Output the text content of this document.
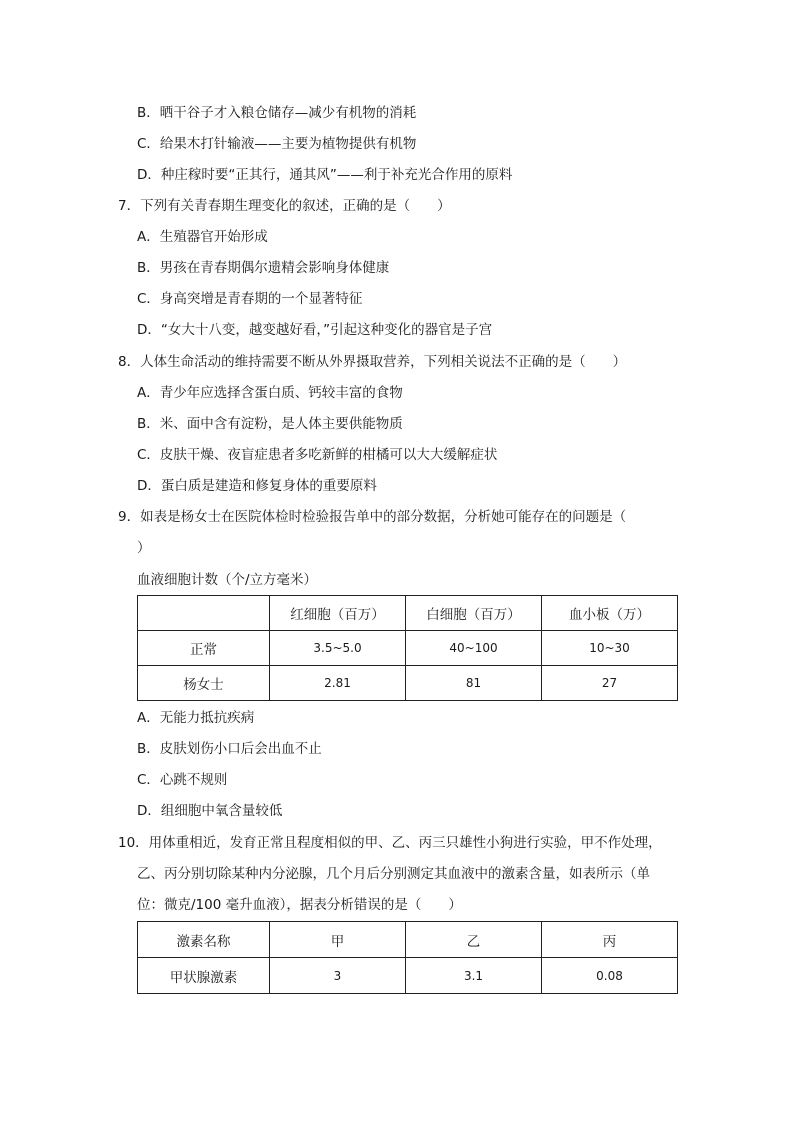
B．晒干谷子才入粮仓储存—减少有机物的消耗
C．给果木打针输液——主要为植物提供有机物
D．种庄稼时要“正其行，通其风”——利于补充光合作用的原料
7．下列有关青春期生理变化的叙述，正确的是（　　）
A．生殖器官开始形成
B．男孩在青春期偶尔遗精会影响身体健康
C．身高突增是青春期的一个显著特征
D．“女大十八变，越变越好看，”引起这种变化的器官是子宫
8．人体生命活动的维持需要不断从外界摄取营养，下列相关说法不正确的是（　　）
A．青少年应选择含蛋白质、钙较丰富的食物
B．米、面中含有淀粉，是人体主要供能物质
C．皮肤干燥、夜盲症患者多吃新鲜的柑橘可以大大缓解症状
D．蛋白质是建造和修复身体的重要原料
9．如表是杨女士在医院体检时检验报告单中的部分数据，分析她可能存在的问题是（
）
血液细胞计数（个/立方毫米）
	红细胞（百万）	白细胞（百万）	血小板（万）
正常	3.5~5.0	40~100	10~30
杨女士	2.81	81	27
A．无能力抵抗疾病
B．皮肤划伤小口后会出血不止
C．心跳不规则
D．组细胞中氧含量较低
10．用体重相近，发育正常且程度相似的甲、乙、丙三只雄性小狗进行实验，甲不作处理，
乙、丙分别切除某种内分泌腺，几个月后分别测定其血液中的激素含量，如表所示（单
位：微克/100 毫升血液），据表分析错误的是（　　）
激素名称	甲	乙	丙
甲状腺激素	3	3.1	0.08
